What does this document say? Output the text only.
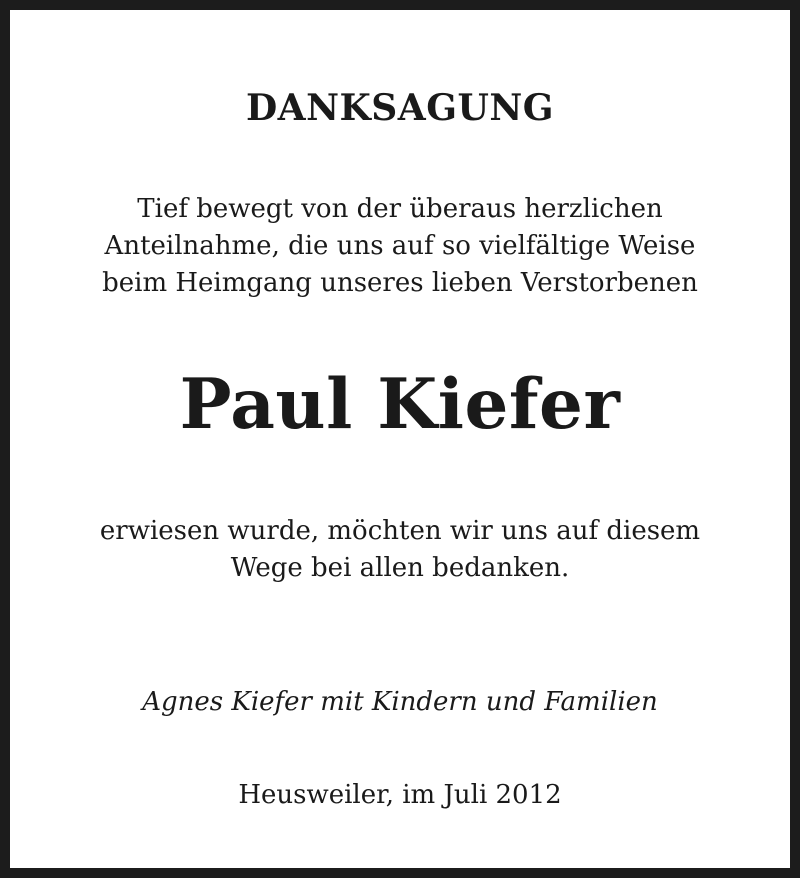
DANKSAGUNG
Tief bewegt von der überaus herzlichen
Anteilnahme, die uns auf so vielfältige Weise
beim Heimgang unseres lieben Verstorbenen
Paul Kiefer
erwiesen wurde, möchten wir uns auf diesem
Wege bei allen bedanken.
Agnes Kiefer mit Kindern und Familien
Heusweiler, im Juli 2012
